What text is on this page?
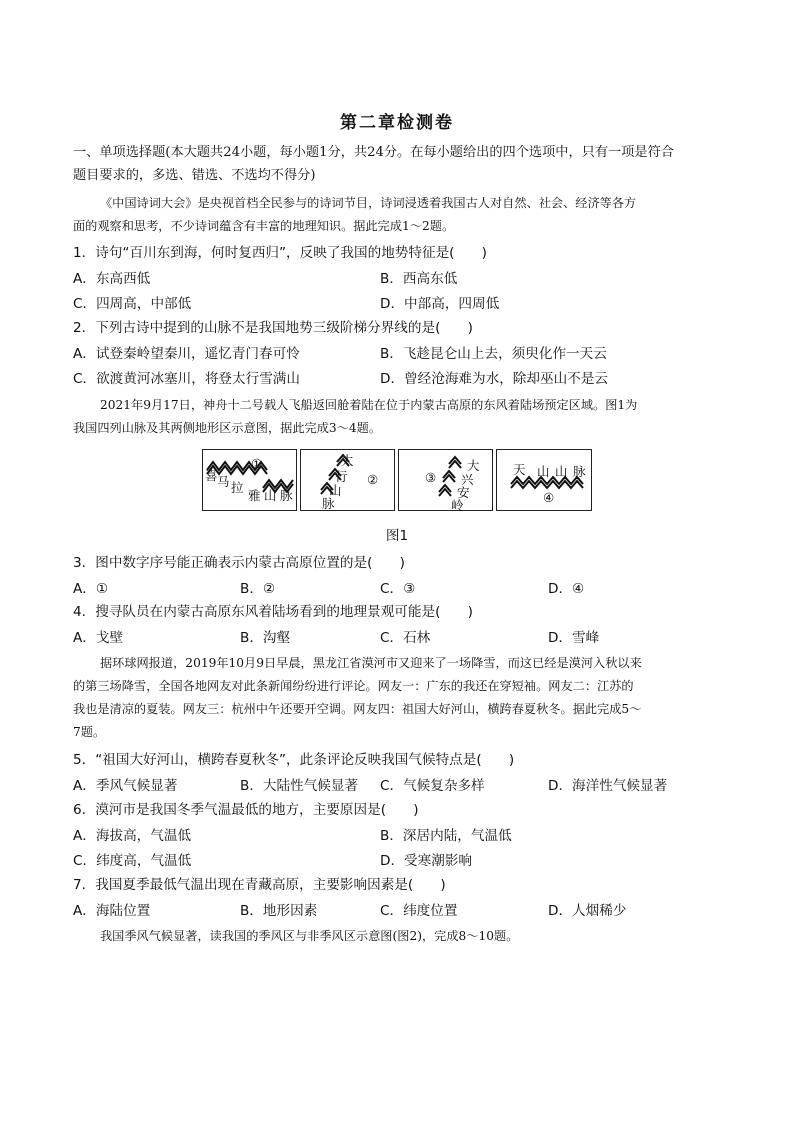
第二章检测卷
一、单项选择题(本大题共24小题，每小题1分，共24分。在每小题给出的四个选项中，只有一项是符合
题目要求的，多选、错选、不选均不得分)
《中国诗词大会》是央视首档全民参与的诗词节目，诗词浸透着我国古人对自然、社会、经济等各方
面的观察和思考，不少诗词蕴含有丰富的地理知识。据此完成1～2题。
1．诗句“百川东到海，何时复西归”，反映了我国的地势特征是(　　)
A．东高西低	B．西高东低
C．四周高，中部低	D．中部高，四周低
2．下列古诗中提到的山脉不是我国地势三级阶梯分界线的是(　　)
A．试登秦岭望秦川，遥忆青门春可怜	B．飞趁昆仑山上去，须臾化作一天云
C．欲渡黄河冰塞川，将登太行雪满山	D．曾经沧海难为水，除却巫山不是云
2021年9月17日，神舟十二号载人飞船返回舱着陆在位于内蒙古高原的东风着陆场预定区域。图1为
我国四列山脉及其两侧地形区示意图，据此完成3～4题。
喜 马 拉
雅 山 脉
①	太
行
山
脉
②	③
大
兴
安
岭
天 山 山 脉
④
图1
3．图中数字序号能正确表示内蒙古高原位置的是(　　)
A．①	B．②	C．③	D．④
4．搜寻队员在内蒙古高原东风着陆场看到的地理景观可能是(　　)
A．戈壁	B．沟壑	C．石林	D．雪峰
据环球网报道，2019年10月9日早晨，黑龙江省漠河市又迎来了一场降雪，而这已经是漠河入秋以来
的第三场降雪，全国各地网友对此条新闻纷纷进行评论。网友一：广东的我还在穿短袖。网友二：江苏的
我也是清凉的夏装。网友三：杭州中午还要开空调。网友四：祖国大好河山，横跨春夏秋冬。据此完成5～
7题。
5．“祖国大好河山，横跨春夏秋冬”，此条评论反映我国气候特点是(　　)
A．季风气候显著	B．大陆性气候显著 C．气候复杂多样	D．海洋性气候显著
6．漠河市是我国冬季气温最低的地方，主要原因是(　　)
A．海拔高，气温低	B．深居内陆，气温低
C．纬度高，气温低	D．受寒潮影响
7．我国夏季最低气温出现在青藏高原，主要影响因素是(　　)
A．海陆位置	B．地形因素	C．纬度位置	D．人烟稀少
我国季风气候显著，读我国的季风区与非季风区示意图(图2)，完成8～10题。
